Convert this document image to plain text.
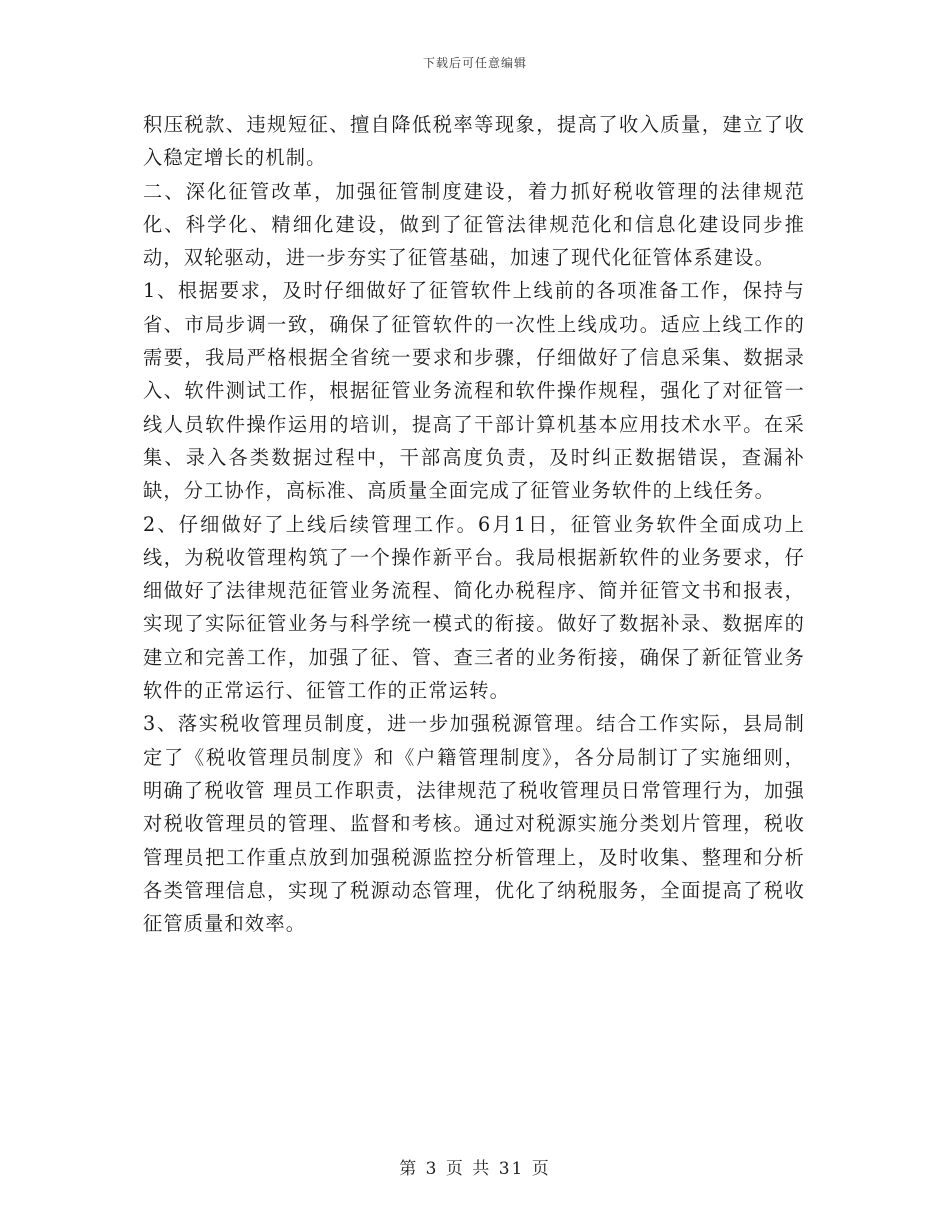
下载后可任意编辑

积压税款、违规短征、擅自降低税率等现象，提高了收入质量，建立了收入稳定增长的机制。

二、深化征管改革，加强征管制度建设，着力抓好税收管理的法律规范化、科学化、精细化建设，做到了征管法律规范化和信息化建设同步推动，双轮驱动，进一步夯实了征管基础，加速了现代化征管体系建设。

1、根据要求，及时仔细做好了征管软件上线前的各项准备工作，保持与省、市局步调一致，确保了征管软件的一次性上线成功。适应上线工作的需要，我局严格根据全省统一要求和步骤，仔细做好了信息采集、数据录入、软件测试工作，根据征管业务流程和软件操作规程，强化了对征管一线人员软件操作运用的培训，提高了干部计算机基本应用技术水平。在采集、录入各类数据过程中，干部高度负责，及时纠正数据错误，查漏补缺，分工协作，高标准、高质量全面完成了征管业务软件的上线任务。

2、仔细做好了上线后续管理工作。6月1日，征管业务软件全面成功上线，为税收管理构筑了一个操作新平台。我局根据新软件的业务要求，仔细做好了法律规范征管业务流程、简化办税程序、简并征管文书和报表，实现了实际征管业务与科学统一模式的衔接。做好了数据补录、数据库的建立和完善工作，加强了征、管、查三者的业务衔接，确保了新征管业务软件的正常运行、征管工作的正常运转。

3、落实税收管理员制度，进一步加强税源管理。结合工作实际，县局制定了《税收管理员制度》和《户籍管理制度》，各分局制订了实施细则，明确了税收管 理员工作职责，法律规范了税收管理员日常管理行为，加强对税收管理员的管理、监督和考核。通过对税源实施分类划片管理，税收管理员把工作重点放到加强税源监控分析管理上，及时收集、整理和分析各类管理信息，实现了税源动态管理，优化了纳税服务，全面提高了税收征管质量和效率。

第 3 页 共 31 页
